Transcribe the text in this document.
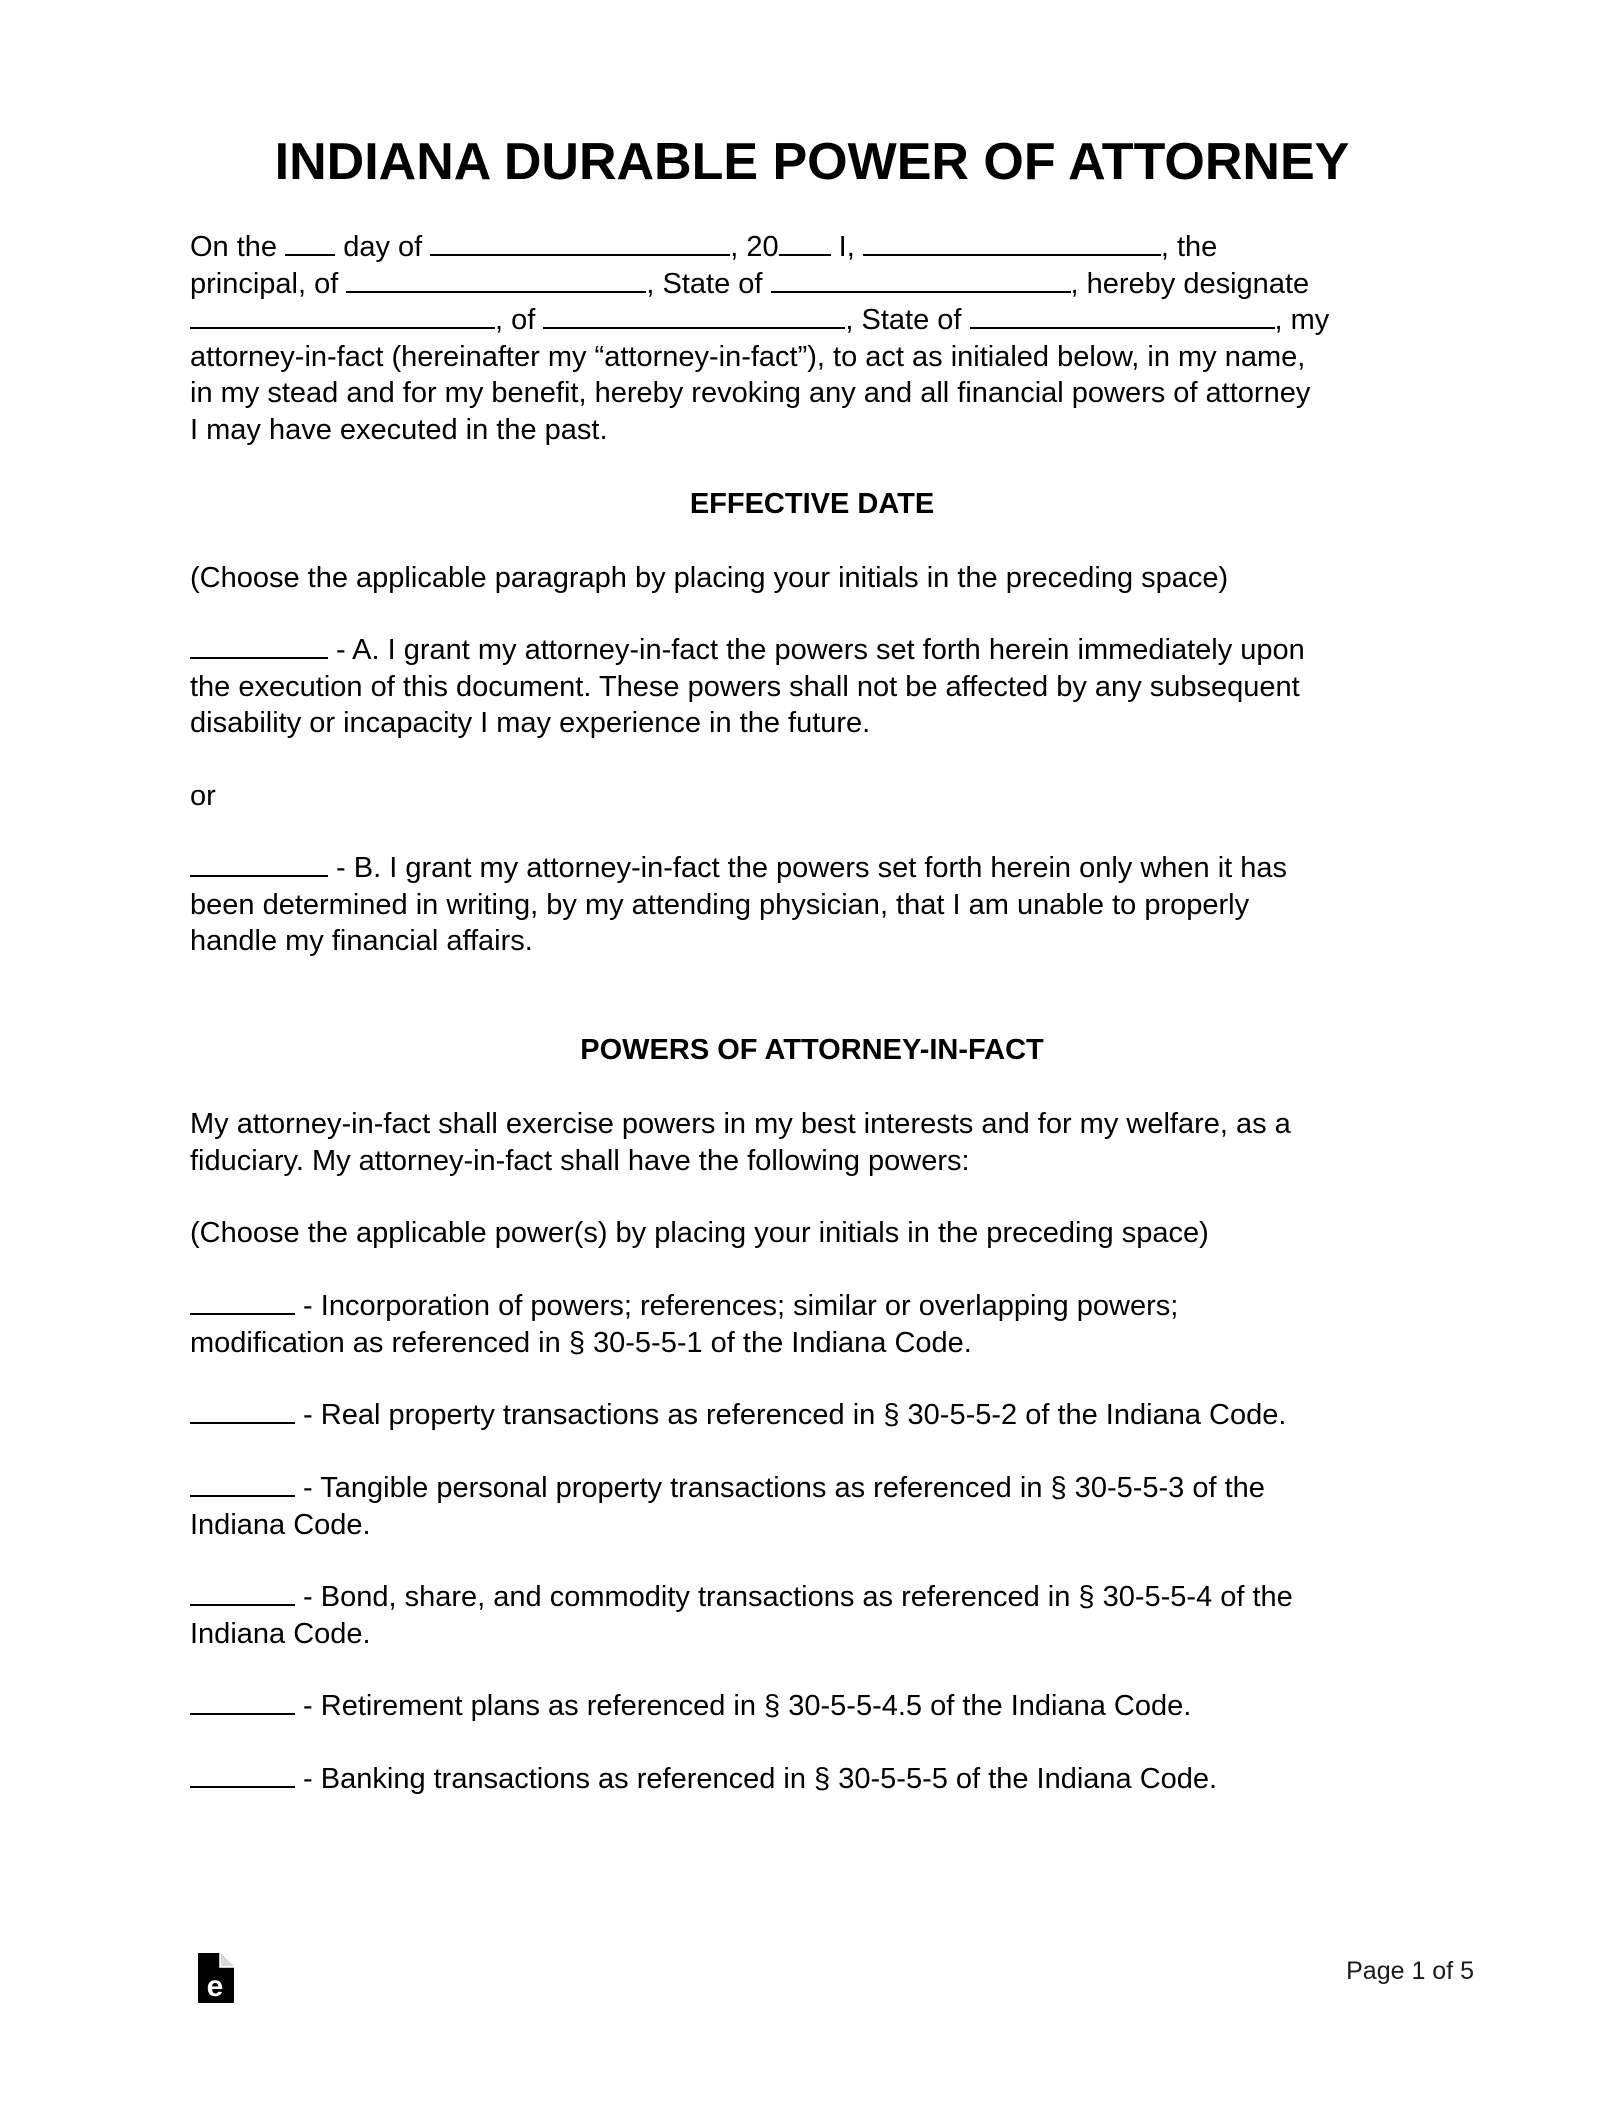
INDIANA DURABLE POWER OF ATTORNEY
On the day of	, 20 I,	, the
principal, of	, State of	, hereby designate
, of	, State of	, my
attorney-in-fact (hereinafter my “attorney-in-fact”), to act as initialed below, in my name,
in my stead and for my benefit, hereby revoking any and all financial powers of attorney
I may have executed in the past.
EFFECTIVE DATE

(Choose the applicable paragraph by placing your initials in the preceding space)

- A. I grant my attorney-in-fact the powers set forth herein immediately upon
the execution of this document. These powers shall not be affected by any subsequent
disability or incapacity I may experience in the future.

or

- B. I grant my attorney-in-fact the powers set forth herein only when it has
been determined in writing, by my attending physician, that I am unable to properly
handle my financial affairs.
POWERS OF ATTORNEY-IN-FACT
My attorney-in-fact shall exercise powers in my best interests and for my welfare, as a
fiduciary. My attorney-in-fact shall have the following powers:

(Choose the applicable power(s) by placing your initials in the preceding space)

- Incorporation of powers; references; similar or overlapping powers;
modification as referenced in § 30-5-5-1 of the Indiana Code.
- Real property transactions as referenced in § 30-5-5-2 of the Indiana Code.
- Tangible personal property transactions as referenced in § 30-5-5-3 of the
Indiana Code.
- Bond, share, and commodity transactions as referenced in § 30-5-5-4 of the
Indiana Code.
- Retirement plans as referenced in § 30-5-5-4.5 of the Indiana Code.
- Banking transactions as referenced in § 30-5-5-5 of the Indiana Code.
e	Page 1 of 5
